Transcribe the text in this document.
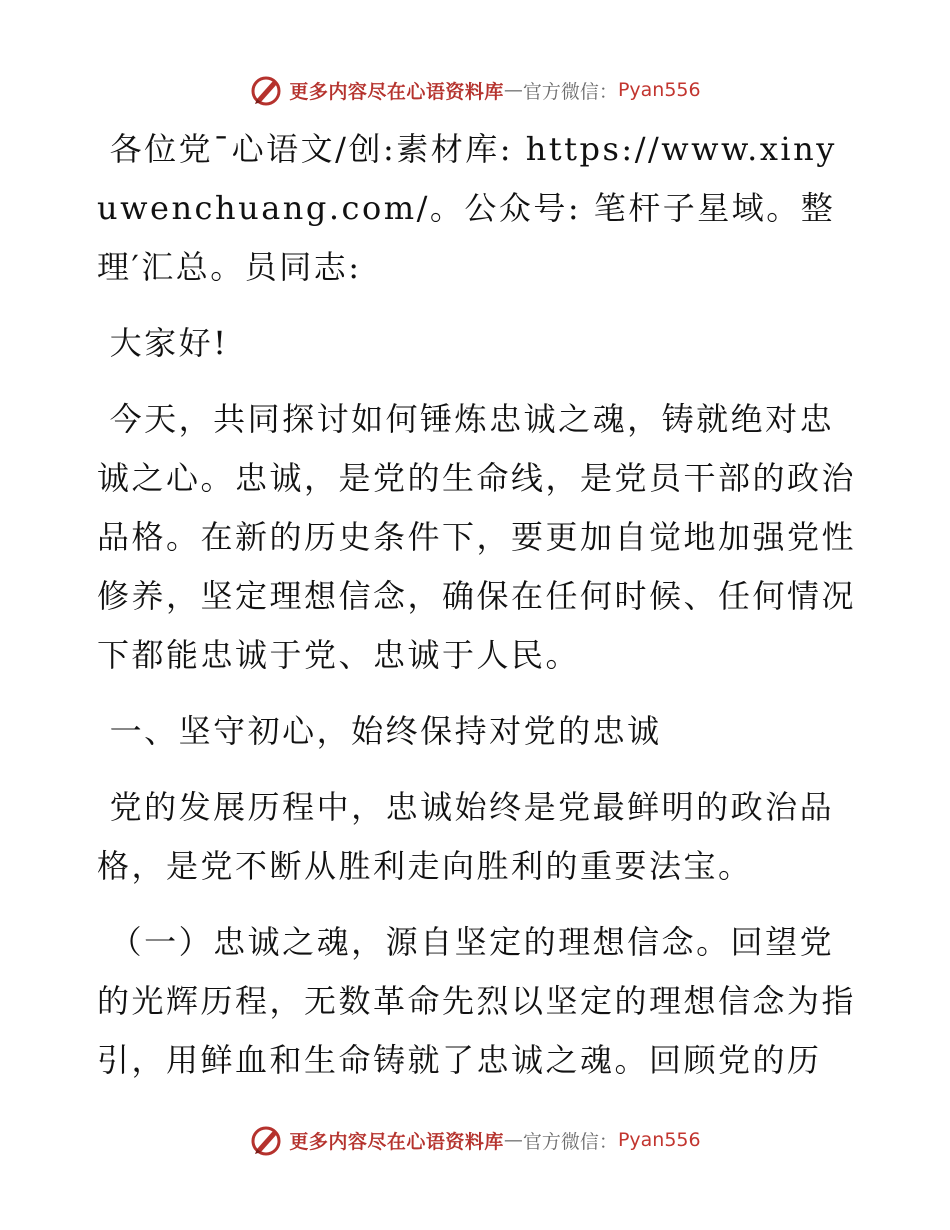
更多内容尽在心语资料库 — 官方微信： Pyan556

各位党¯心语文/创:素材库: https://www.xinyuwenchuang.com/。公众号: 笔杆子星域。整理′汇总。员同志:

大家好!

今天，共同探讨如何锤炼忠诚之魂，铸就绝对忠诚之心。忠诚，是党的生命线，是党员干部的政治品格。在新的历史条件下，要更加自觉地加强党性修养，坚定理想信念，确保在任何时候、任何情况下都能忠诚于党、忠诚于人民。

一、坚守初心，始终保持对党的忠诚

党的发展历程中，忠诚始终是党最鲜明的政治品格，是党不断从胜利走向胜利的重要法宝。

（一）忠诚之魂，源自坚定的理想信念。回望党的光辉历程，无数革命先烈以坚定的理想信念为指引，用鲜血和生命铸就了忠诚之魂。回顾党的历

更多内容尽在心语资料库 — 官方微信： Pyan556
